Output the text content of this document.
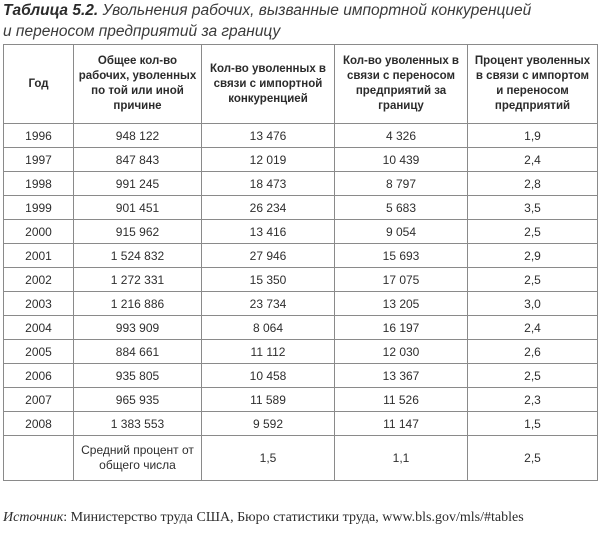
Таблица 5.2. Увольнения рабочих, вызванные импортной конкуренцией
и переносом предприятий за границу
Год	Общее кол-во рабочих, уволенных по той или иной причине	Кол-во уволенных в связи с импортной конкуренцией	Кол-во уволенных в связи с переносом предприятий за границу	Процент уволенных в связи с импортом и переносом предприятий
1996	948 122	13 476	4 326	1,9
1997	847 843	12 019	10 439	2,4
1998	991 245	18 473	8 797	2,8
1999	901 451	26 234	5 683	3,5
2000	915 962	13 416	9 054	2,5
2001	1 524 832	27 946	15 693	2,9
2002	1 272 331	15 350	17 075	2,5
2003	1 216 886	23 734	13 205	3,0
2004	993 909	8 064	16 197	2,4
2005	884 661	11 112	12 030	2,6
2006	935 805	10 458	13 367	2,5
2007	965 935	11 589	11 526	2,3
2008	1 383 553	9 592	11 147	1,5
	Средний процент от общего числа	1,5	1,1	2,5
Источник: Министерство труда США, Бюро статистики труда, www.bls.gov/mls/#tables
